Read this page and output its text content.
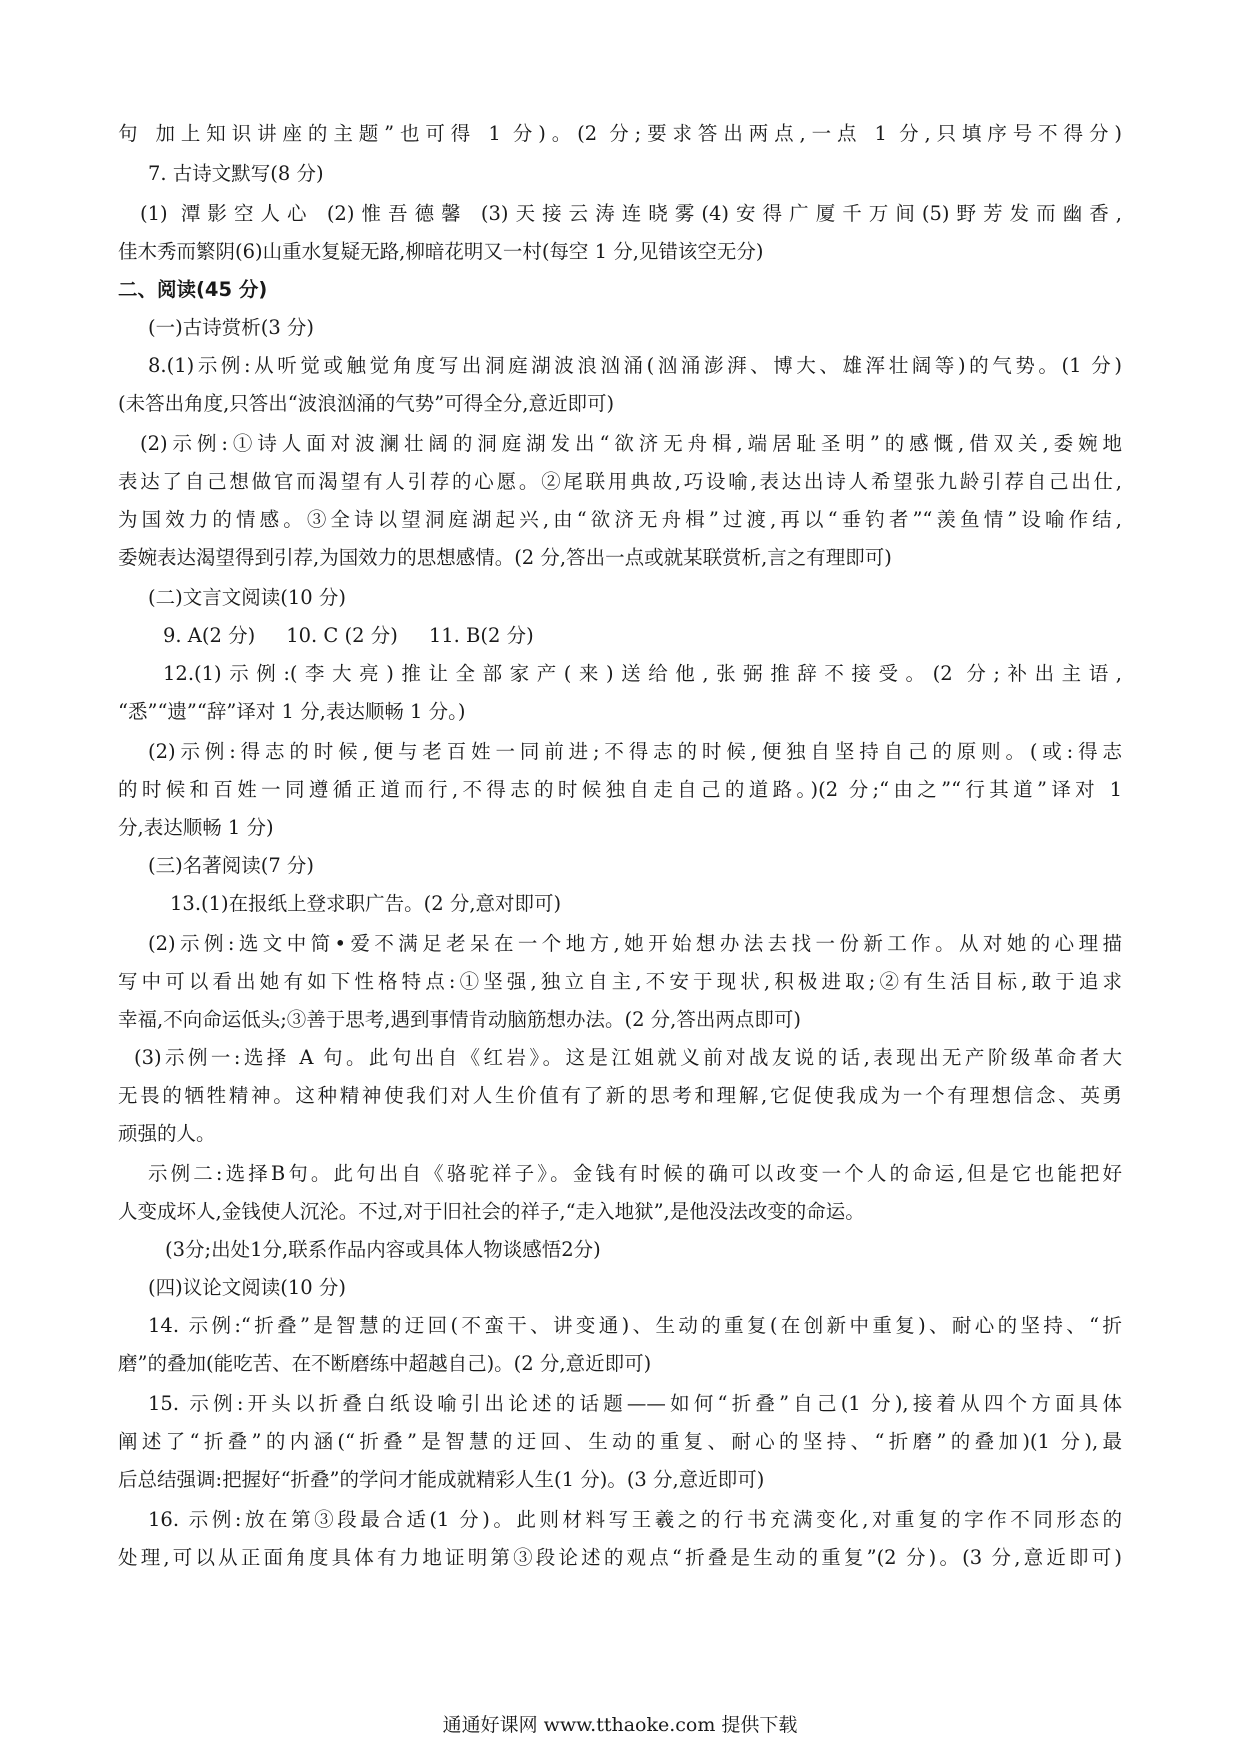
句 加上知识讲座的主题”也可得 1 分)。(2 分;要求答出两点,一点 1 分,只填序号不得分)
7. 古诗文默写(8 分)
(1) 潭影空人心 (2)惟吾德馨 (3)天接云涛连晓雾(4)安得广厦千万间(5)野芳发而幽香,
佳木秀而繁阴(6)山重水复疑无路,柳暗花明又一村(每空 1 分,见错该空无分)
二、阅读(45 分)
(一)古诗赏析(3 分)
8.(1)示例:从听觉或触觉角度写出洞庭湖波浪汹涌(汹涌澎湃、博大、雄浑壮阔等)的气势。(1 分)
(未答出角度,只答出“波浪汹涌的气势”可得全分,意近即可)
(2)示例:①诗人面对波澜壮阔的洞庭湖发出“欲济无舟楫,端居耻圣明”的感慨,借双关,委婉地
表达了自己想做官而渴望有人引荐的心愿。②尾联用典故,巧设喻,表达出诗人希望张九龄引荐自己出仕,
为国效力的情感。③全诗以望洞庭湖起兴,由“欲济无舟楫”过渡,再以“垂钓者”“羡鱼情”设喻作结,
委婉表达渴望得到引荐,为国效力的思想感情。(2 分,答出一点或就某联赏析,言之有理即可)
(二)文言文阅读(10 分)
9. A(2 分)     10. C (2 分)     11. B(2 分)
12.(1)示例:(李大亮)推让全部家产(来)送给他,张弼推辞不接受。(2 分;补出主语,
“悉”“遗”“辞”译对 1 分,表达顺畅 1 分。)
(2)示例:得志的时候,便与老百姓一同前进;不得志的时候,便独自坚持自己的原则。(或:得志
的时候和百姓一同遵循正道而行,不得志的时候独自走自己的道路。)(2 分;“由之”“行其道”译对 1
分,表达顺畅 1 分)
(三)名著阅读(7 分)
13.(1)在报纸上登求职广告。(2 分,意对即可)
(2)示例:选文中简•爱不满足老呆在一个地方,她开始想办法去找一份新工作。从对她的心理描
写中可以看出她有如下性格特点:①坚强,独立自主,不安于现状,积极进取;②有生活目标,敢于追求
幸福,不向命运低头;③善于思考,遇到事情肯动脑筋想办法。(2 分,答出两点即可)
(3)示例一:选择 A 句。此句出自《红岩》。这是江姐就义前对战友说的话,表现出无产阶级革命者大
无畏的牺牲精神。这种精神使我们对人生价值有了新的思考和理解,它促使我成为一个有理想信念、英勇
顽强的人。
示例二:选择B句。此句出自《骆驼祥子》。金钱有时候的确可以改变一个人的命运,但是它也能把好
人变成坏人,金钱使人沉沦。不过,对于旧社会的祥子,“走入地狱”,是他没法改变的命运。
(3分;出处1分,联系作品内容或具体人物谈感悟2分)
(四)议论文阅读(10 分)
14. 示例:“折叠”是智慧的迂回(不蛮干、讲变通)、生动的重复(在创新中重复)、耐心的坚持、“折
磨”的叠加(能吃苦、在不断磨练中超越自己)。(2 分,意近即可)
15. 示例:开头以折叠白纸设喻引出论述的话题——如何“折叠”自己(1 分),接着从四个方面具体
阐述了“折叠”的内涵(“折叠”是智慧的迂回、生动的重复、耐心的坚持、“折磨”的叠加)(1 分),最
后总结强调:把握好“折叠”的学问才能成就精彩人生(1 分)。(3 分,意近即可)
16. 示例:放在第③段最合适(1 分)。此则材料写王羲之的行书充满变化,对重复的字作不同形态的
处理,可以从正面角度具体有力地证明第③段论述的观点“折叠是生动的重复”(2 分)。(3 分,意近即可)
通通好课网 www.tthaoke.com 提供下载
